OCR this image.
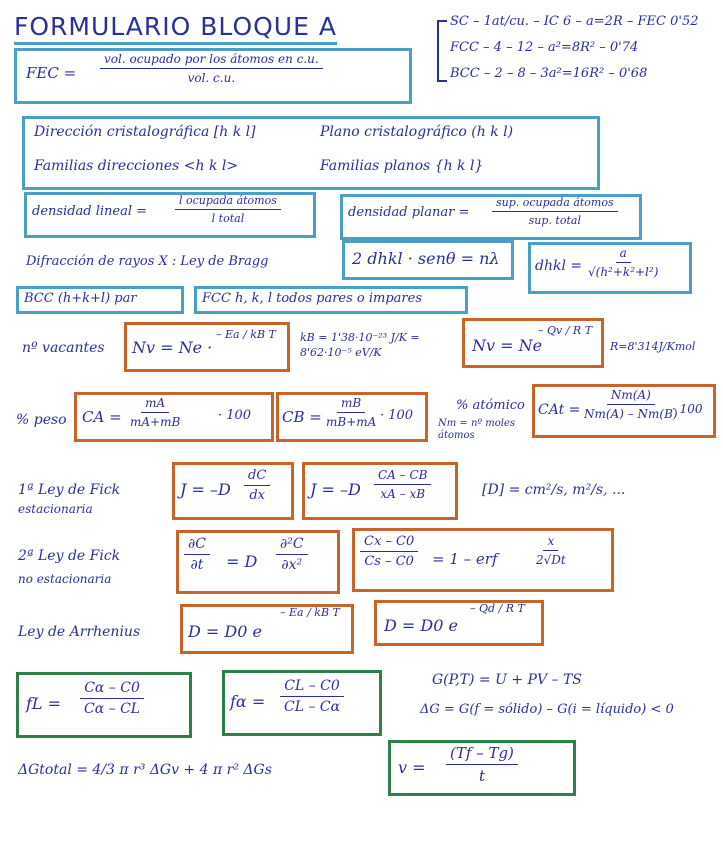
FORMULARIO BLOQUE A	SC – 1at/cu. – IC 6 – a=2R – FEC 0'52
FCC – 4 – 12 – a²=8R² – 0'74
BCC – 2 – 8 – 3a²=16R² – 0'68
FEC = $\frac{\text{vol. ocupado por los átomos en c.u.}}{\text{vol. c.u.}}$
Dirección cristalográfica [h k l]	Plano cristalográfico (h k l)
Familias direcciones <h k l>	Familias planos {h k l}
densidad lineal =	$\frac{\text{l ocupada átomos}}{\text{l total}}$	densidad planar = $\frac{\text{sup. ocupada átomos}}{\text{sup. total}}$
Difracción de rayos X : Ley de Bragg	2 dhkl · senθ = nλ	dhkl = $\frac{a}{\text{√(h²+k²+l²)}}$
BCC (h+k+l) par	FCC h, k, l todos pares o impares
nº vacantes Nv = Ne ·
– Ea / kB T kB = 1'38·10⁻²³ J/K = 8'62·10⁻⁵ eV/K	Nv = Ne
– Qv / R T
R=8'314J/Kmol
% peso CA = $\frac{mA}{mA+mB}$	· 100 CB = $\frac{mB}{mB+mA} \cdot 100$
% atómico
Nm = nº moles átomos
CAt = $\frac{Nm(A)}{Nm(A) - Nm(B)}$
· 100
1ª Ley de Fick
estacionaria
$J = -D \frac{dC}{dx}$ $J = -D \frac{CA - CB}{xA - xB}$	[D] = cm²/s, m²/s, ...
2ª Ley de Fick
no estacionaria
$\frac{\partial C}{\partial t} = D \frac{\text{∂²C}}{\text{∂x²}}$	$\frac{Cx - C0}{Cs - C0} = 1$ – erf	$\frac{x}{2√Dt}$
Ley de Arrhenius	D = D0 e
– Ea / kB T
D = D0 e
– Qd / R T
fL = $\frac{C\alpha - C0}{C\alpha - CL}$	$f\alpha = \frac{CL - C0}{CL - C\alpha}$	G(P,T) = U + PV – TS
ΔG = G(f = sólido) – G(i = líquido) < 0
ΔGtotal = 4/3 π r³ ΔGv + 4 π r² ΔGs	$v = \frac{(Tf - Tg)}{t}$
